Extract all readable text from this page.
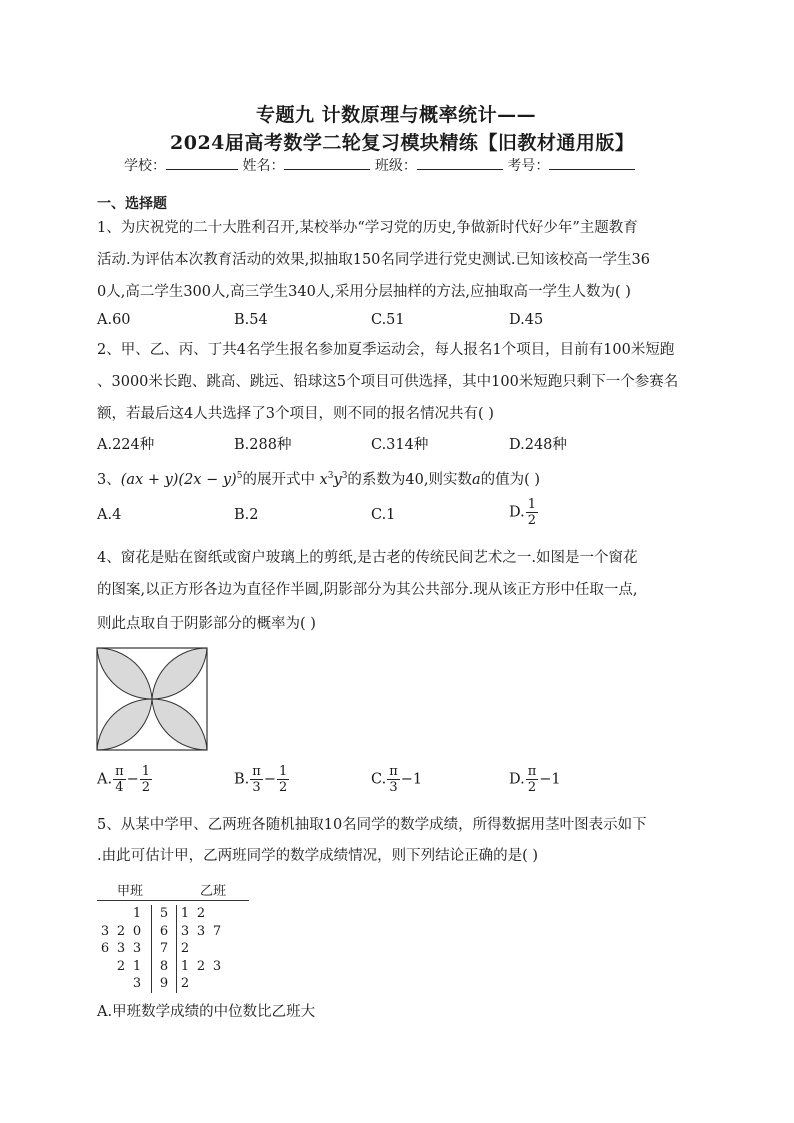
专题九 计数原理与概率统计——
2024届高考数学二轮复习模块精练【旧教材通用版】
学校：	姓名：	班级：	考号：
一、选择题
1、为庆祝党的二十大胜利召开,某校举办“学习党的历史,争做新时代好少年”主题教育
活动.为评估本次教育活动的效果,拟抽取150名同学进行党史测试.已知该校高一学生36
0人,高二学生300人,高三学生340人,采用分层抽样的方法,应抽取高一学生人数为( )
A.60	B.54	C.51	D.45
2、甲、乙、丙、丁共4名学生报名参加夏季运动会，每人报名1个项目，目前有100米短跑
、3000米长跑、跳高、跳远、铅球这5个项目可供选择，其中100米短跑只剩下一个参赛名
额，若最后这4人共选择了3个项目，则不同的报名情况共有( )
A.224种	B.288种	C.314种	D.248种
3、$(ax + y)(2x - y)^5$的展开式中 $x^3y^3$的系数为40,则实数a的值为( )
A.4	B.2	C.1	D. $\frac{1}{2}$
4、窗花是贴在窗纸或窗户玻璃上的剪纸,是古老的传统民间艺术之一.如图是一个窗花
的图案,以正方形各边为直径作半圆,阴影部分为其公共部分.现从该正方形中任取一点,
则此点取自于阴影部分的概率为( )
A. $\frac{\pi}{4} - \frac{1}{2}$	B. $\frac{\pi}{3} - \frac{1}{2}$	C. $\frac{\pi}{3} -1$	D. $\frac{\pi}{2} -1$
5、从某中学甲、乙两班各随机抽取10名同学的数学成绩，所得数据用茎叶图表示如下
.由此可估计甲，乙两班同学的数学成绩情况，则下列结论正确的是( )
甲班	乙班
		1		5	1	2	
3	2	0		6	3	3	7
6	3	3		7	2		
	2	1		8	1	2	3
		3		9	2		
A.甲班数学成绩的中位数比乙班大
